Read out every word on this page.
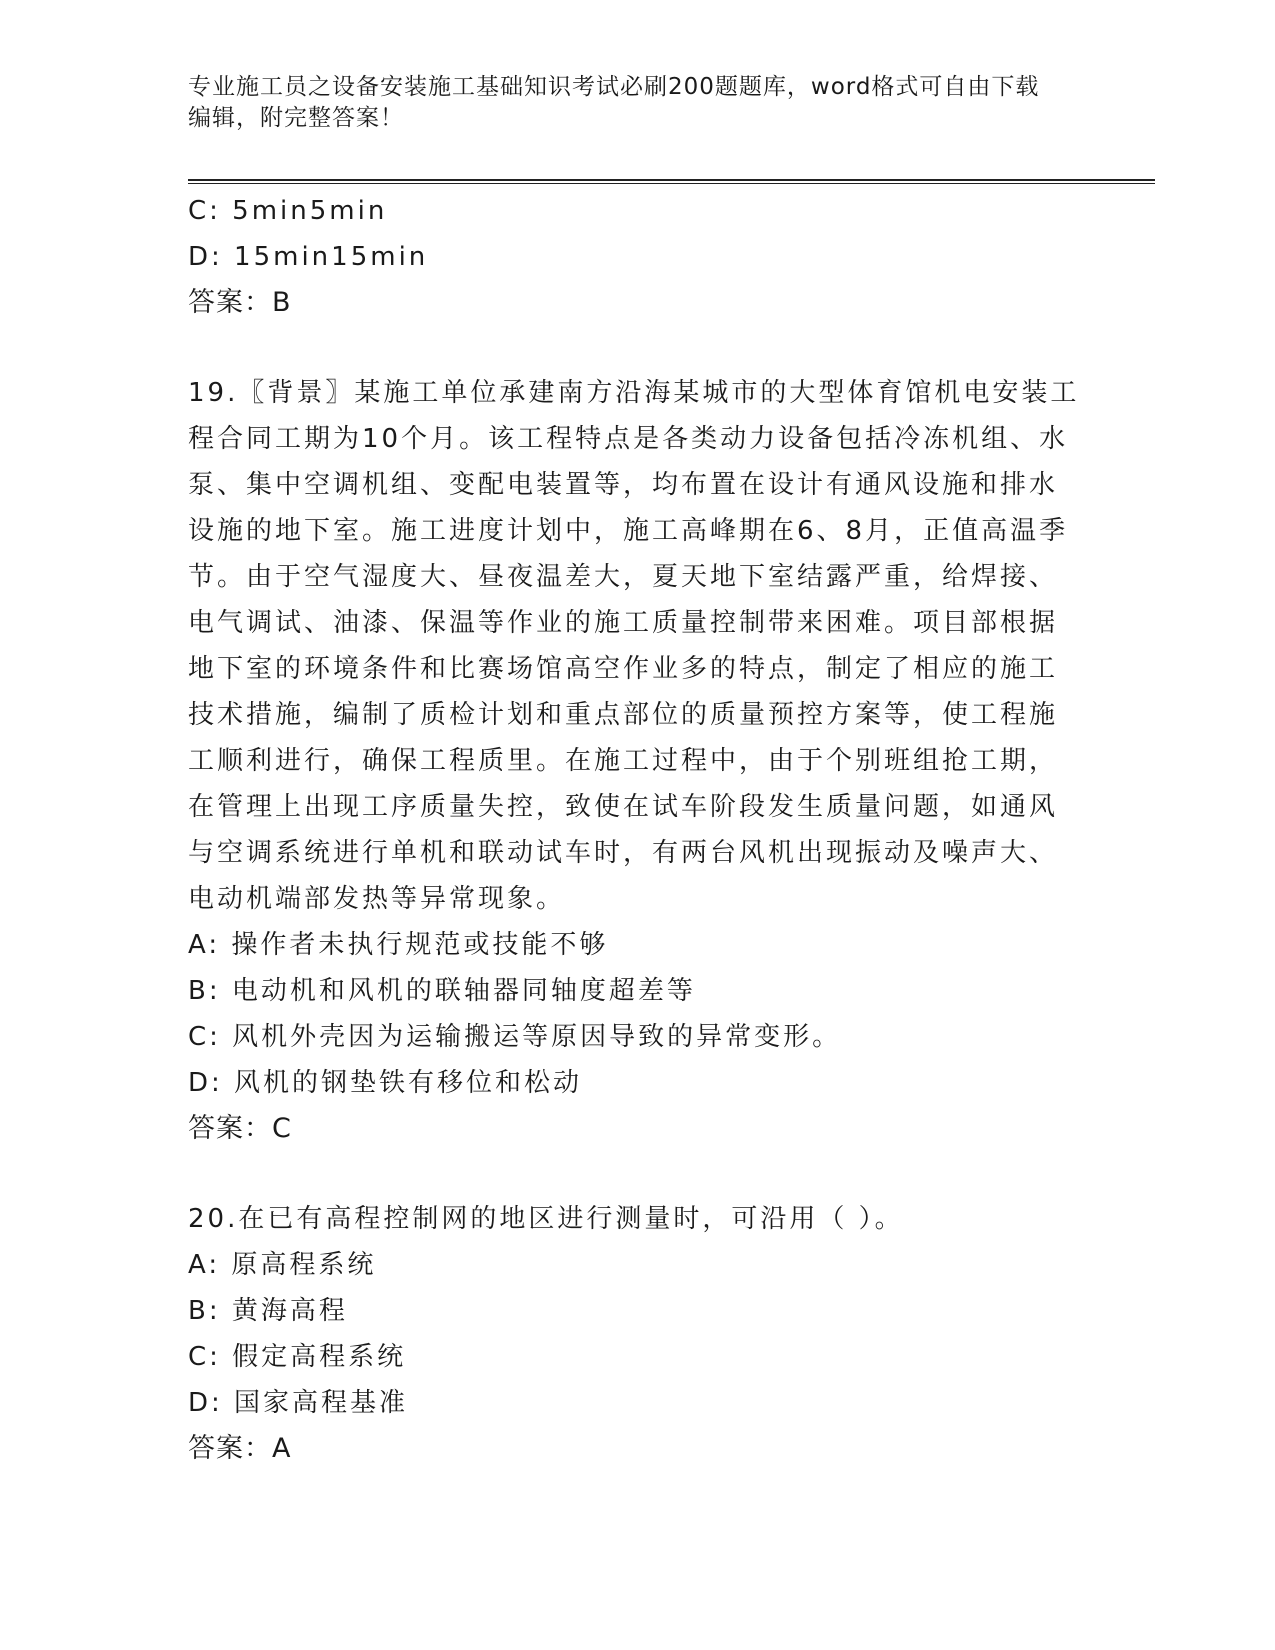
专业施工员之设备安装施工基础知识考试必刷200题题库，word格式可自由下载
编辑，附完整答案！
C: 5min5min
D: 15min15min
答案：B
19.〖背景〗某施工单位承建南方沿海某城市的大型体育馆机电安装工
程合同工期为10个月。该工程特点是各类动力设备包括冷冻机组、水
泵、集中空调机组、变配电装置等，均布置在设计有通风设施和排水
设施的地下室。施工进度计划中，施工高峰期在6、8月，正值高温季
节。由于空气湿度大、昼夜温差大，夏天地下室结露严重，给焊接、
电气调试、油漆、保温等作业的施工质量控制带来困难。项目部根据
地下室的环境条件和比赛场馆高空作业多的特点，制定了相应的施工
技术措施，编制了质检计划和重点部位的质量预控方案等，使工程施
工顺利进行，确保工程质里。在施工过程中，由于个别班组抢工期，
在管理上出现工序质量失控，致使在试车阶段发生质量问题，如通风
与空调系统进行单机和联动试车时，有两台风机出现振动及噪声大、
电动机端部发热等异常现象。
A: 操作者未执行规范或技能不够
B: 电动机和风机的联轴器同轴度超差等
C: 风机外壳因为运输搬运等原因导致的异常变形。
D: 风机的钢垫铁有移位和松动
答案：C
20.在已有高程控制网的地区进行测量时，可沿用（ ）。
A: 原高程系统
B: 黄海高程
C: 假定高程系统
D: 国家高程基准
答案：A
